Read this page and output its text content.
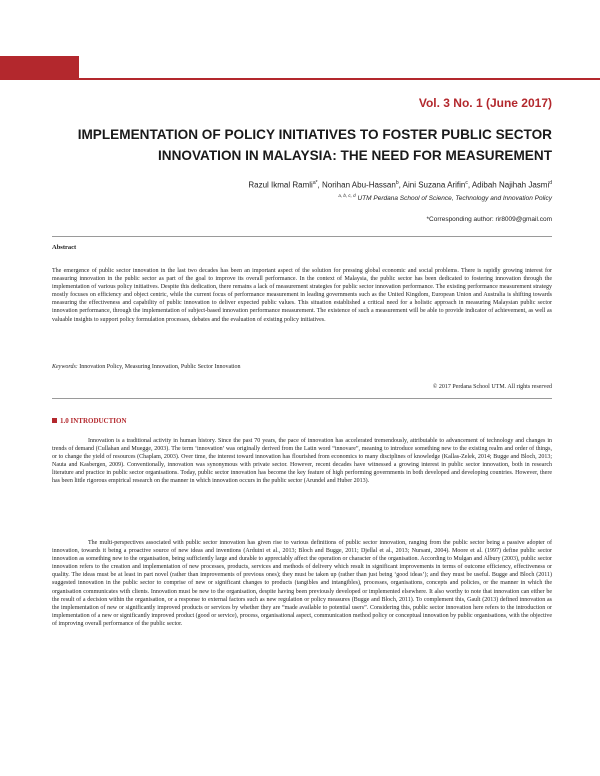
Vol. 3 No. 1 (June 2017)
IMPLEMENTATION OF POLICY INITIATIVES TO FOSTER PUBLIC SECTOR
INNOVATION IN MALAYSIA: THE NEED FOR MEASUREMENT
Razul Ikmal Ramli$^{a*}$, Norihan Abu-Hassan$^b$, Aini Suzana Arifin$^c$, Adibah Najihah Jasmi$^d$
$^{a, b, c, d}$ UTM Perdana School of Science, Technology and Innovation Policy
*Corresponding author: rir8009@gmail.com
Abstract
The emergence of public sector innovation in the last two decades has been an important aspect of the solution for pressing global economic and social problems. There is rapidly growing interest for measuring innovation in the public sector as part of the goal to improve its overall performance. In the context of Malaysia, the public sector has been dedicated to fostering innovation through the implementation of various policy initiatives. Despite this dedication, there remains a lack of measurement strategies for public sector innovation performance. The existing performance measurement strategy mostly focuses on efficiency and object centric, while the current focus of performance measurement in leading governments such as the United Kingdom, European Union and Australia is shifting towards measuring the effectiveness and capability of public innovation to deliver expected public values. This situation established a critical need for a holistic approach in measuring Malaysian public sector innovation performance, through the implementation of subject-based innovation performance measurement. The existence of such a measurement will be able to provide indicator of achievement, as well as valuable insights to support policy formulation processes, debates and the evaluation of existing policy initiatives.
Keywords: Innovation Policy, Measuring Innovation, Public Sector Innovation
© 2017 Perdana School UTM. All rights reserved
1.0 INTRODUCTION

Innovation is a traditional activity in human history. Since the past 70 years, the pace of innovation has accelerated tremendously, attributable to advancement of technology and changes in trends of demand (Cullahan and Muegge, 2003). The term ‘innovation’ was originally derived from the Latin word “innovare”, meaning to introduce something new to the existing realm and order of things, or to change the yield of resources (Chaplam, 2003). Over time, the interest toward innovation has flourished from economics to many disciplines of knowledge (Kallas-Zelek, 2014; Bugge and Bloch, 2013; Nauta and Kasbergen, 2009). Conventionally, innovation was synonymous with private sector. However, recent decades have witnessed a growing interest in public sector innovation, both in research literature and practice in public sector organisations. Today, public sector innovation has become the key feature of high performing governments in both developed and developing countries. However, there has been little rigorous empirical research on the manner in which innovation occurs in the public sector (Arundel and Huber 2013).

The multi-perspectives associated with public sector innovation has given rise to various definitions of public sector innovation, ranging from the public sector being a passive adopter of innovation, towards it being a proactive source of new ideas and inventions (Arduini et al., 2013; Bloch and Bugge, 2011; Djellal et al., 2013; Nursani, 2004). Moore et al. (1997) define public sector innovation as something new to the organisation, being sufficiently large and durable to appreciably affect the operation or character of the organisation. According to Mulgan and Albury (2003), public sector innovation refers to the creation and implementation of new processes, products, services and methods of delivery which result in significant improvements in terms of outcome efficiency, effectiveness or quality. The ideas must be at least in part novel (rather than improvements of previous ones); they must be taken up (rather than just being ‘good ideas’); and they must be useful. Bugge and Bloch (2011) suggested innovation in the public sector to comprise of new or significant changes to products (tangibles and intangibles), processes, organisations, concepts and policies, or the manner in which the organisation communicates with clients. Innovation must be new to the organisation, despite having been previously developed or implemented elsewhere. It also worthy to note that innovation can either be the result of a decision within the organisation, or a response to external factors such as new regulation or policy measures (Bugge and Bloch, 2011). To complement this, Gault (2013) defined innovation as the implementation of new or significantly improved products or services by whether they are “made available to potential users”. Considering this, public sector innovation here refers to the introduction or implementation of a new or significantly improved product (good or service), process, organisational aspect, communication method policy or conceptual innovation by public organisations, with the objective of improving overall performance of the public sector.
